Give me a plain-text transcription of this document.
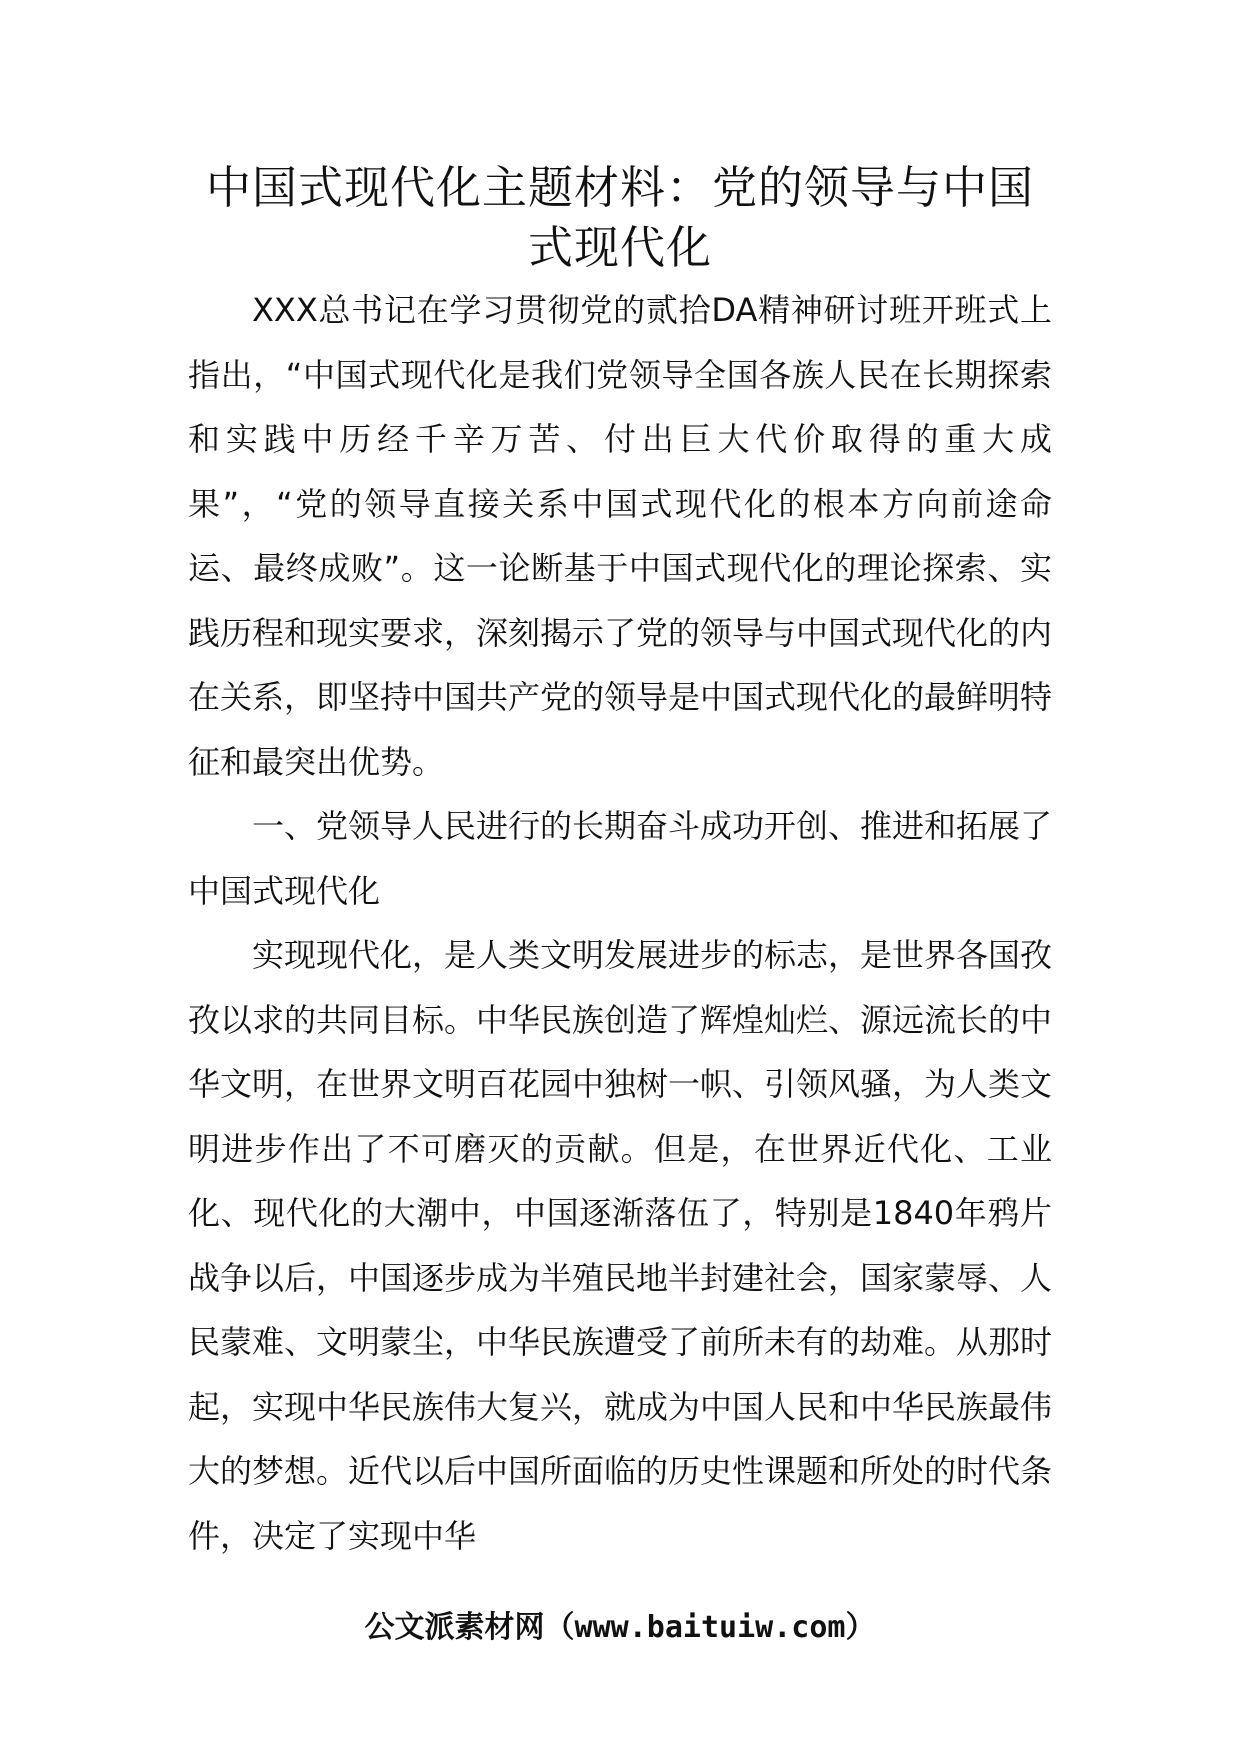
中国式现代化主题材料：党的领导与中国式现代化

XXX总书记在学习贯彻党的贰拾DA精神研讨班开班式上指出，“中国式现代化是我们党领导全国各族人民在长期探索和实践中历经千辛万苦、付出巨大代价取得的重大成果”，“党的领导直接关系中国式现代化的根本方向前途命运、最终成败”。这一论断基于中国式现代化的理论探索、实践历程和现实要求，深刻揭示了党的领导与中国式现代化的内在关系，即坚持中国共产党的领导是中国式现代化的最鲜明特征和最突出优势。

一、党领导人民进行的长期奋斗成功开创、推进和拓展了中国式现代化

实现现代化，是人类文明发展进步的标志，是世界各国孜孜以求的共同目标。中华民族创造了辉煌灿烂、源远流长的中华文明，在世界文明百花园中独树一帜、引领风骚，为人类文明进步作出了不可磨灭的贡献。但是，在世界近代化、工业化、现代化的大潮中，中国逐渐落伍了，特别是1840年鸦片战争以后，中国逐步成为半殖民地半封建社会，国家蒙辱、人民蒙难、文明蒙尘，中华民族遭受了前所未有的劫难。从那时起，实现中华民族伟大复兴，就成为中国人民和中华民族最伟大的梦想。近代以后中国所面临的历史性课题和所处的时代条件，决定了实现中华

公文派素材网（www.baituiw.com）
